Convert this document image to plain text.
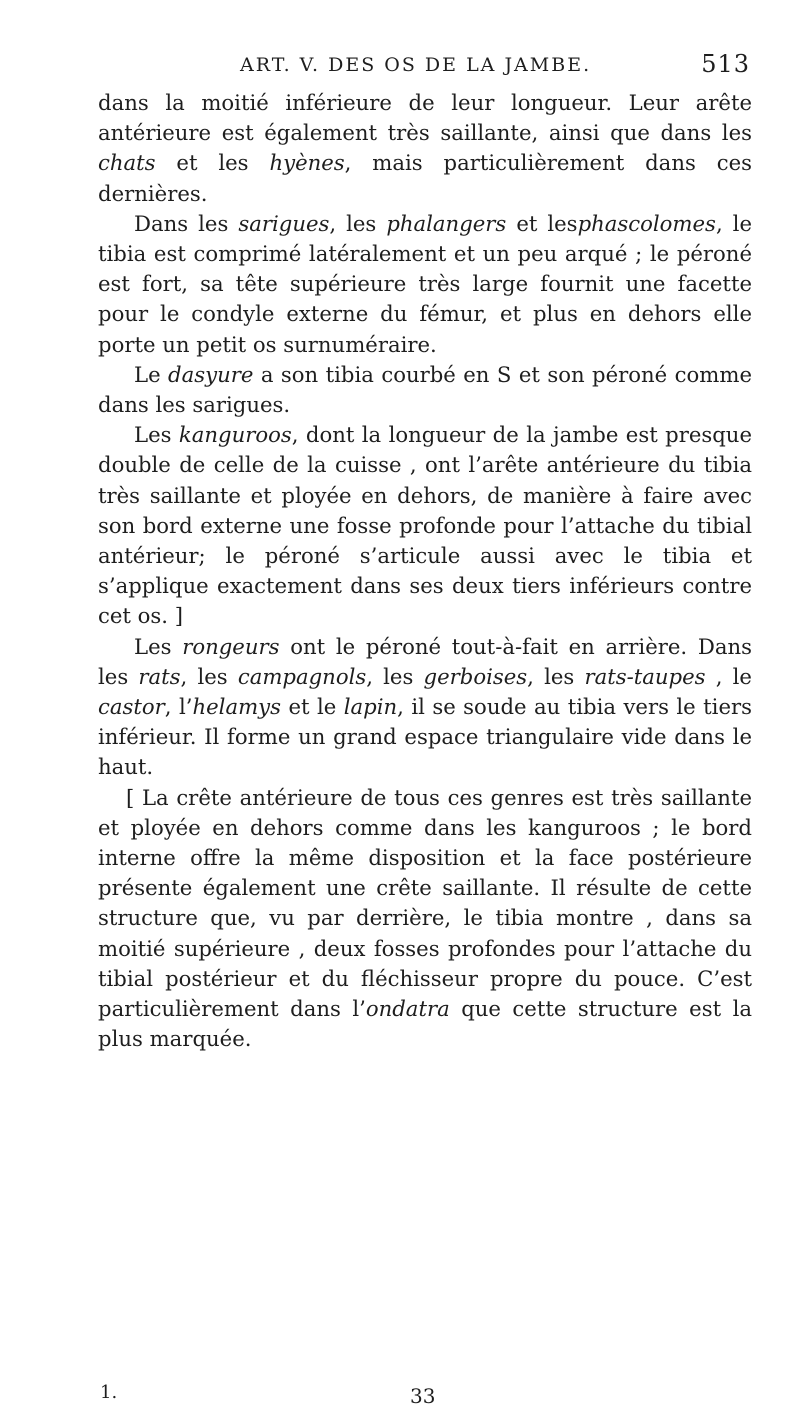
ART. V. DES OS DE LA JAMBE.	513

dans la moitié inférieure de leur longueur. Leur arête antérieure est également très saillante, ainsi que dans les chats et les hyènes, mais particulièrement dans ces dernières.

Dans les sarigues, les phalangers et lesphascolomes, le tibia est comprimé latéralement et un peu arqué ; le péroné est fort, sa tête supérieure très large fournit une facette pour le condyle externe du fémur, et plus en dehors elle porte un petit os surnuméraire.

Le dasyure a son tibia courbé en S et son péroné comme dans les sarigues.

Les kanguroos, dont la longueur de la jambe est presque double de celle de la cuisse , ont l’arête antérieure du tibia très saillante et ployée en dehors, de manière à faire avec son bord externe une fosse profonde pour l’attache du tibial antérieur; le péroné s’articule aussi avec le tibia et s’applique exactement dans ses deux tiers inférieurs contre cet os. ]

Les rongeurs ont le péroné tout-à-fait en arrière. Dans les rats, les campagnols, les gerboises, les rats-taupes , le castor, l’helamys et le lapin, il se soude au tibia vers le tiers inférieur. Il forme un grand espace triangulaire vide dans le haut.

[ La crête antérieure de tous ces genres est très saillante et ployée en dehors comme dans les kanguroos ; le bord interne offre la même disposition et la face postérieure présente également une crête saillante. Il résulte de cette structure que, vu par derrière, le tibia montre , dans sa moitié supérieure , deux fosses profondes pour l’attache du tibial postérieur et du fléchisseur propre du pouce. C’est particulièrement dans l’ondatra que cette structure est la plus marquée.

1.	33
